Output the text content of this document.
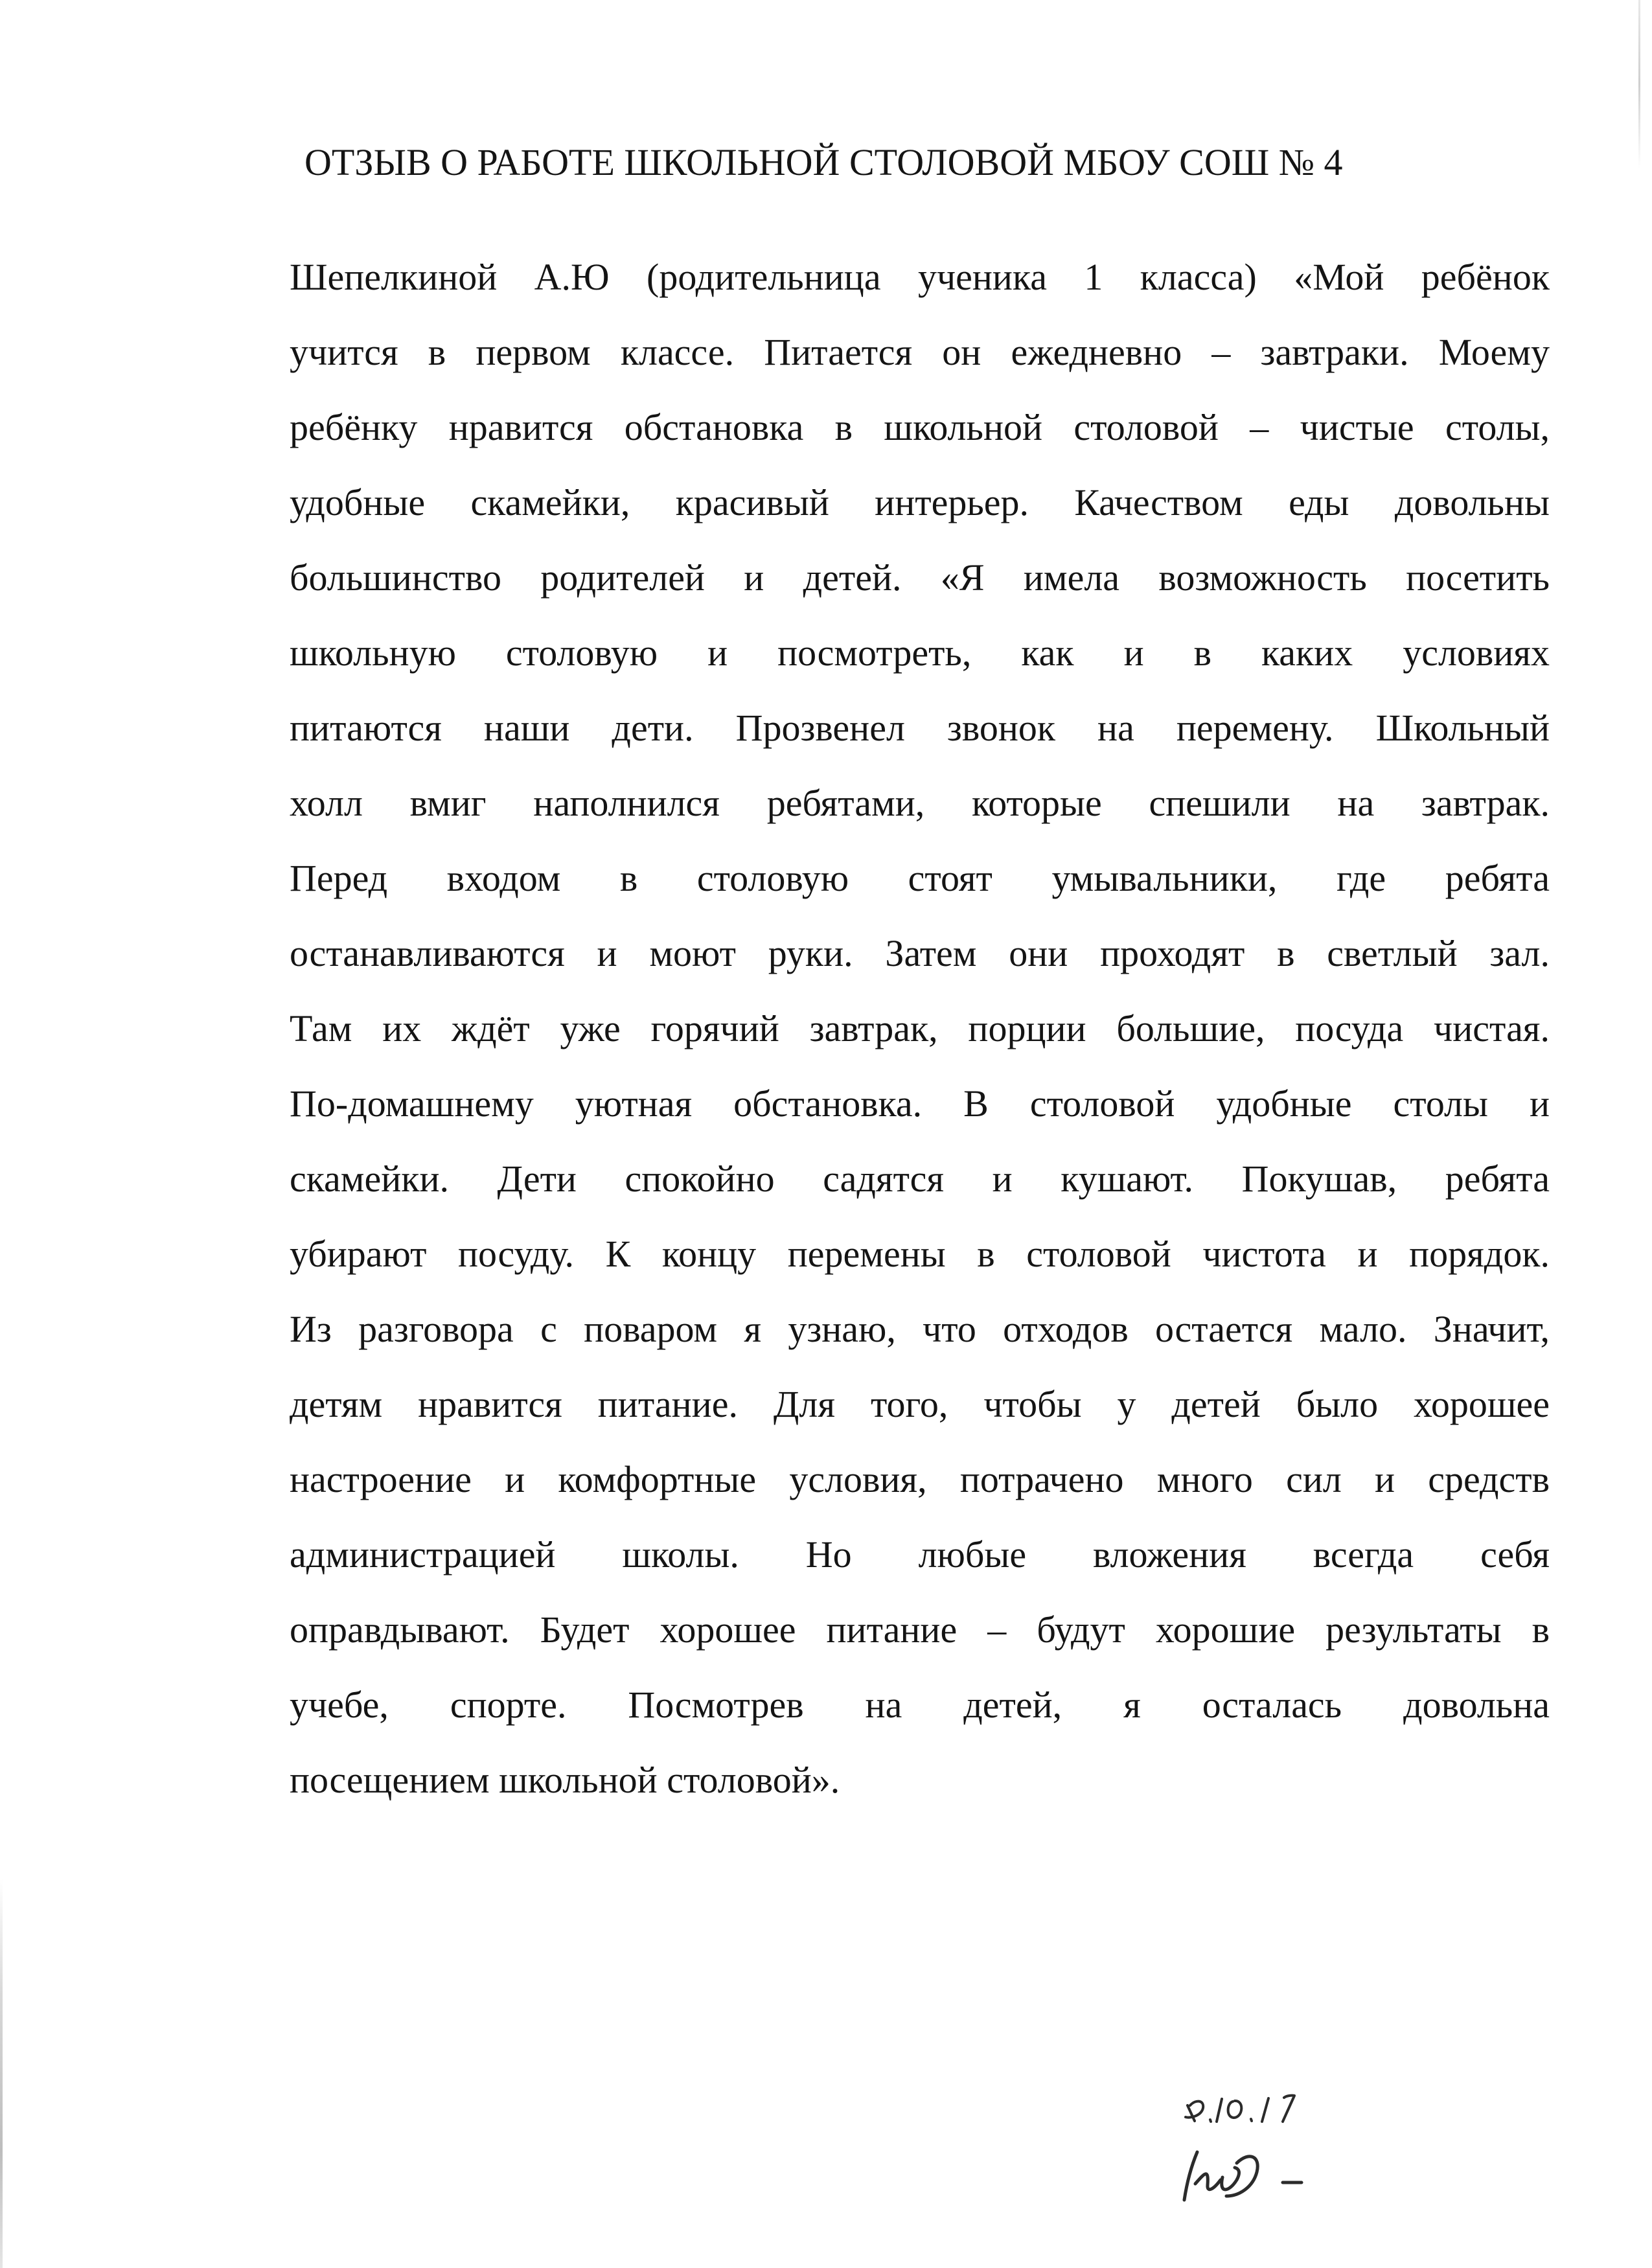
ОТЗЫВ О РАБОТЕ ШКОЛЬНОЙ СТОЛОВОЙ МБОУ СОШ № 4
Шепелкиной А.Ю (родительница ученика 1 класса) «Мой ребёнок
учится в первом классе. Питается он ежедневно – завтраки. Моему
ребёнку нравится обстановка в школьной столовой – чистые столы,
удобные скамейки, красивый интерьер. Качеством еды довольны
большинство родителей и детей. «Я имела возможность посетить
школьную столовую и посмотреть, как и в каких условиях
питаются наши дети. Прозвенел звонок на перемену. Школьный
холл вмиг наполнился ребятами, которые спешили на завтрак.
Перед входом в столовую стоят умывальники, где ребята
останавливаются и моют руки. Затем они проходят в светлый зал.
Там их ждёт уже горячий завтрак, порции большие, посуда чистая.
По-домашнему уютная обстановка. В столовой удобные столы и
скамейки. Дети спокойно садятся и кушают. Покушав, ребята
убирают посуду. К концу перемены в столовой чистота и порядок.
Из разговора с поваром я узнаю, что отходов остается мало. Значит,
детям нравится питание. Для того, чтобы у детей было хорошее
настроение и комфортные условия, потрачено много сил и средств
администрацией школы. Но любые вложения всегда себя
оправдывают. Будет хорошее питание – будут хорошие результаты в
учебе, спорте. Посмотрев на детей, я осталась довольна
посещением школьной столовой».
